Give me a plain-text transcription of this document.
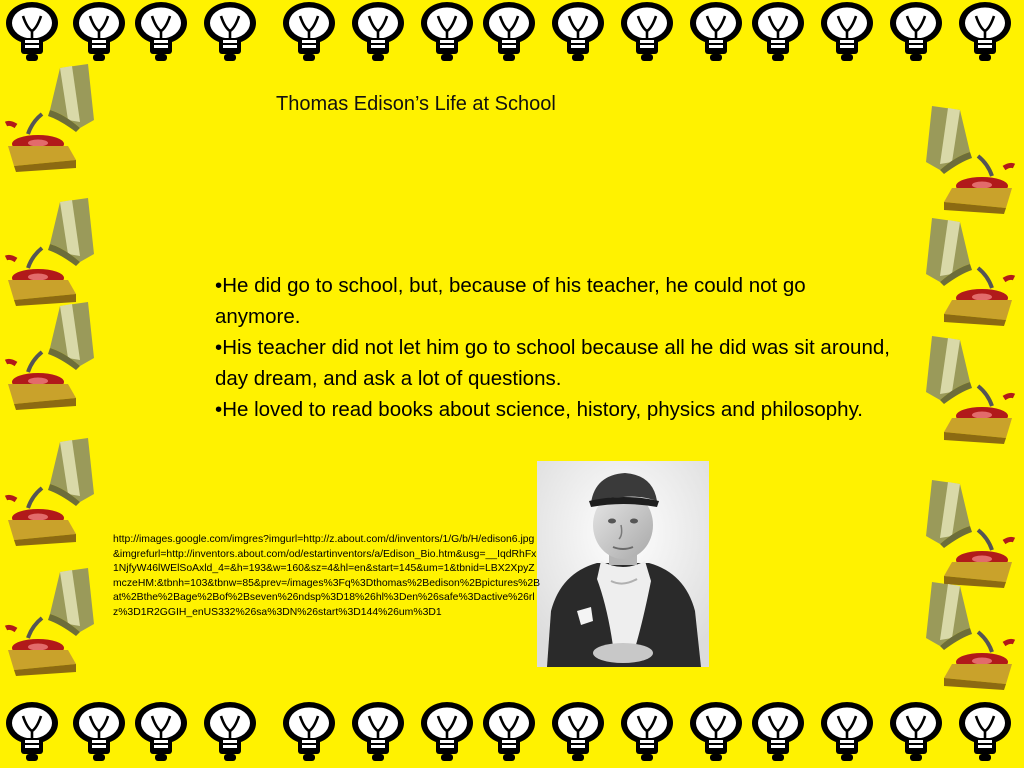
Thomas Edison’s Life at School
• He did go to school, but, because of his teacher, he could not go anymore.
• His teacher did not let him go to school because all he did was sit around, day dream, and ask a lot of questions.
• He loved to read books about science, history, physics and philosophy.
http://images.google.com/imgres?imgurl=http://z.about.com/d/inventors/1/G/b/H/edison6.jpg&imgrefurl=http://inventors.about.com/od/estartinventors/a/Edison_Bio.htm&usg=__IqdRhFx1NjfyW46lWElSoAxld_4=&h=193&w=160&sz=4&hl=en&start=145&um=1&tbnid=LBX2XpyZmczeHM:&tbnh=103&tbnw=85&prev=/images%3Fq%3Dthomas%2Bedison%2Bpictures%2Bat%2Bthe%2Bage%2Bof%2Bseven%26ndsp%3D18%26hl%3Den%26safe%3Dactive%26rlz%3D1R2GGIH_enUS332%26sa%3DN%26start%3D144%26um%3D1
